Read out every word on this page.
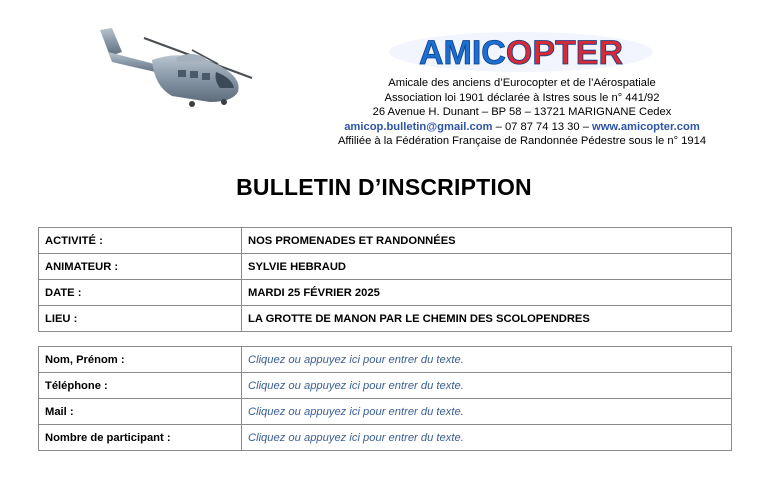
AMICOPTER
Amicale des anciens d’Eurocopter et de l’Aérospatiale
Association loi 1901 déclarée à Istres sous le n° 441/92
26 Avenue H. Dunant – BP 58 – 13721 MARIGNANE Cedex
amicop.bulletin@gmail.com – 07 87 74 13 30 – www.amicopter.com
Affiliée à la Fédération Française de Randonnée Pédestre sous le n° 1914
BULLETIN D’INSCRIPTION
ACTIVITÉ :	NOS PROMENADES ET RANDONNÉES
ANIMATEUR :	SYLVIE HEBRAUD
DATE :	MARDI 25 FÉVRIER 2025
LIEU :	LA GROTTE DE MANON PAR LE CHEMIN DES SCOLOPENDRES
Nom, Prénom :	Cliquez ou appuyez ici pour entrer du texte.
Téléphone :	Cliquez ou appuyez ici pour entrer du texte.
Mail :	Cliquez ou appuyez ici pour entrer du texte.
Nombre de participant :	Cliquez ou appuyez ici pour entrer du texte.
